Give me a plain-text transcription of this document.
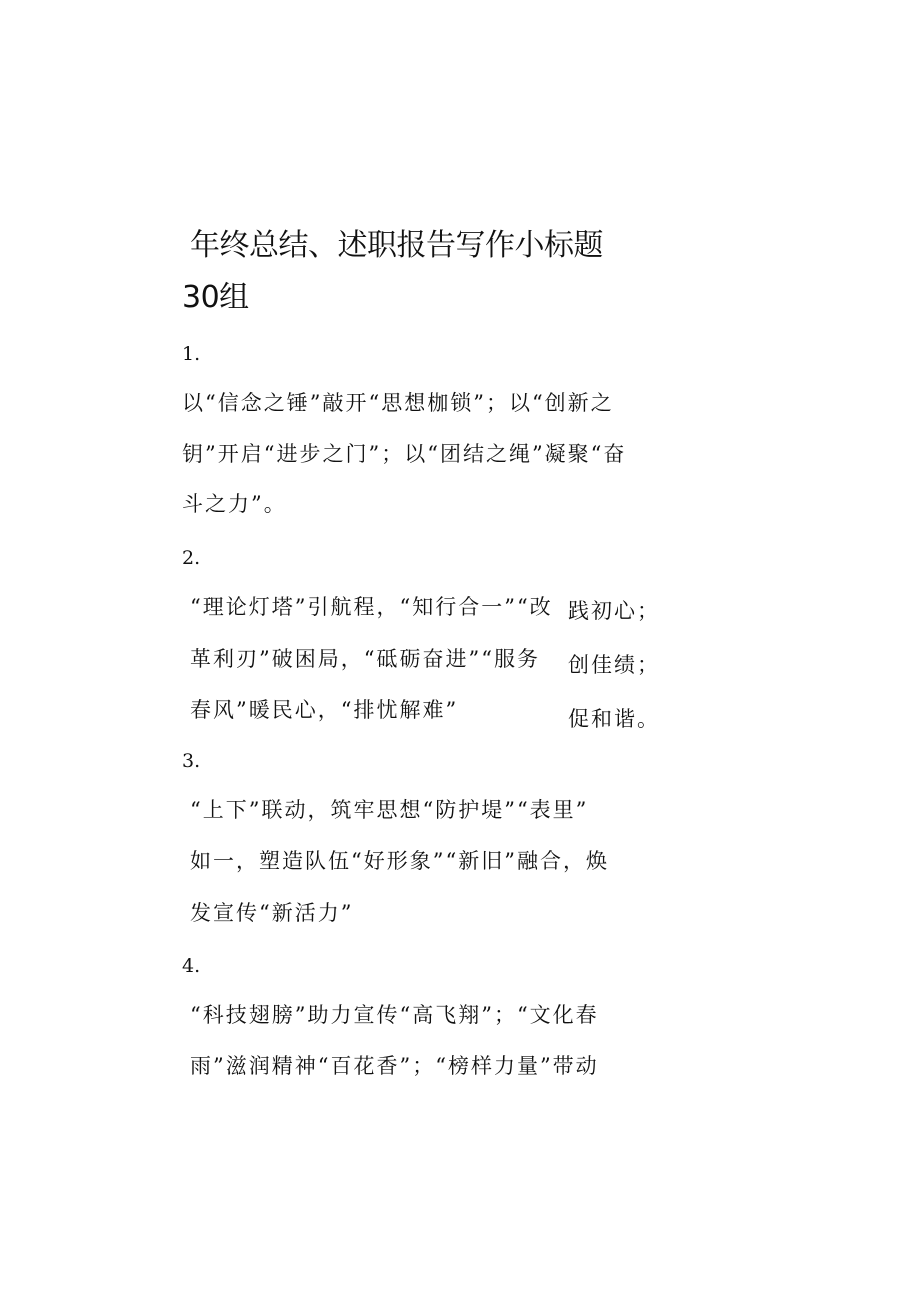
年终总结、述职报告写作小标题
30组
1.
以“信念之锤”敲开“思想枷锁”；以“创新之
钥”开启“进步之门”；以“团结之绳”凝聚“奋
斗之力”。
2.
“理论灯塔”引航程，“知行合一”“改
革利刃”破困局，“砥砺奋进”“服务
春风”暖民心，“排忧解难”
践初心；
创佳绩；
促和谐。
3.
“上下”联动，筑牢思想“防护堤”“表里”
如一，塑造队伍“好形象”“新旧”融合，焕
发宣传“新活力”
4.
“科技翅膀”助力宣传“高飞翔”；“文化春
雨”滋润精神“百花香”；“榜样力量”带动
